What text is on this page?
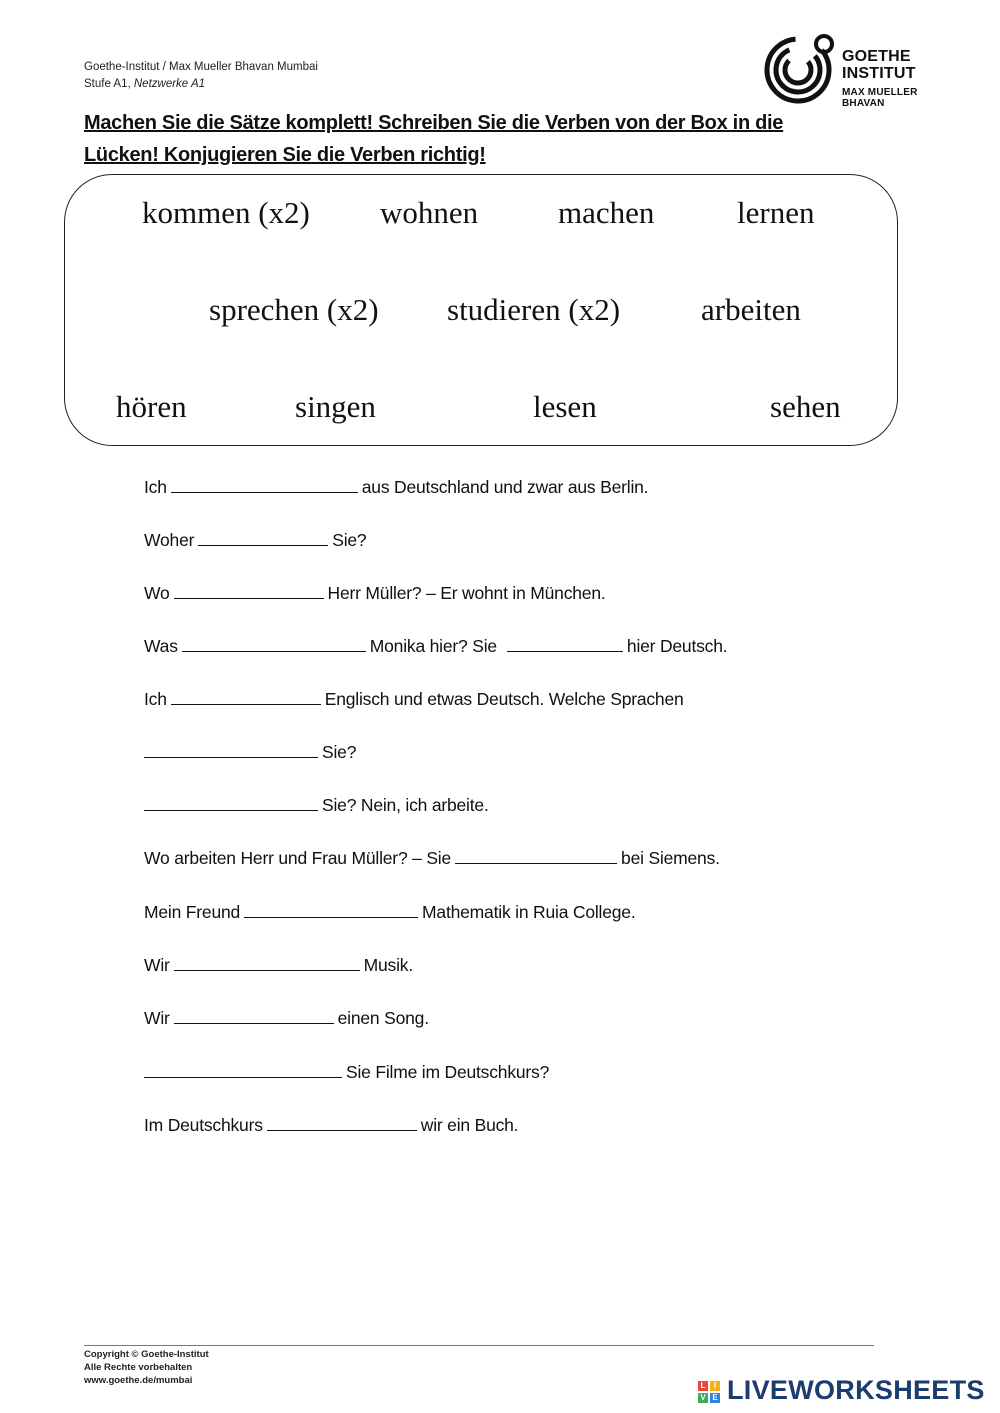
Goethe-Institut / Max Mueller Bhavan Mumbai
Stufe A1, Netzwerke A1
GOETHE
INSTITUT
MAX MUELLER
BHAVAN
Machen Sie die Sätze komplett! Schreiben Sie die Verben von der Box in die
Lücken! Konjugieren Sie die Verben richtig!
kommen (x2) wohnen	machen	lernen
sprechen (x2) studieren (x2)	arbeiten
hören	singen	lesen	sehen
Ich	aus Deutschland und zwar aus Berlin.
Woher	Sie?
Wo	Herr Müller? – Er wohnt in München.
Was	Monika hier? Sie	hier Deutsch.
Ich	Englisch und etwas Deutsch. Welche Sprachen
Sie?
Sie? Nein, ich arbeite.
Wo arbeiten Herr und Frau Müller? – Sie	bei Siemens.
Mein Freund	Mathematik in Ruia College.
Wir	Musik.
Wir	einen Song.
Sie Filme im Deutschkurs?
Im Deutschkurs	wir ein Buch.
Copyright © Goethe-Institut
Alle Rechte vorbehalten
www.goethe.de/mumbai	L	I
V E LIVEWORKSHEETS
